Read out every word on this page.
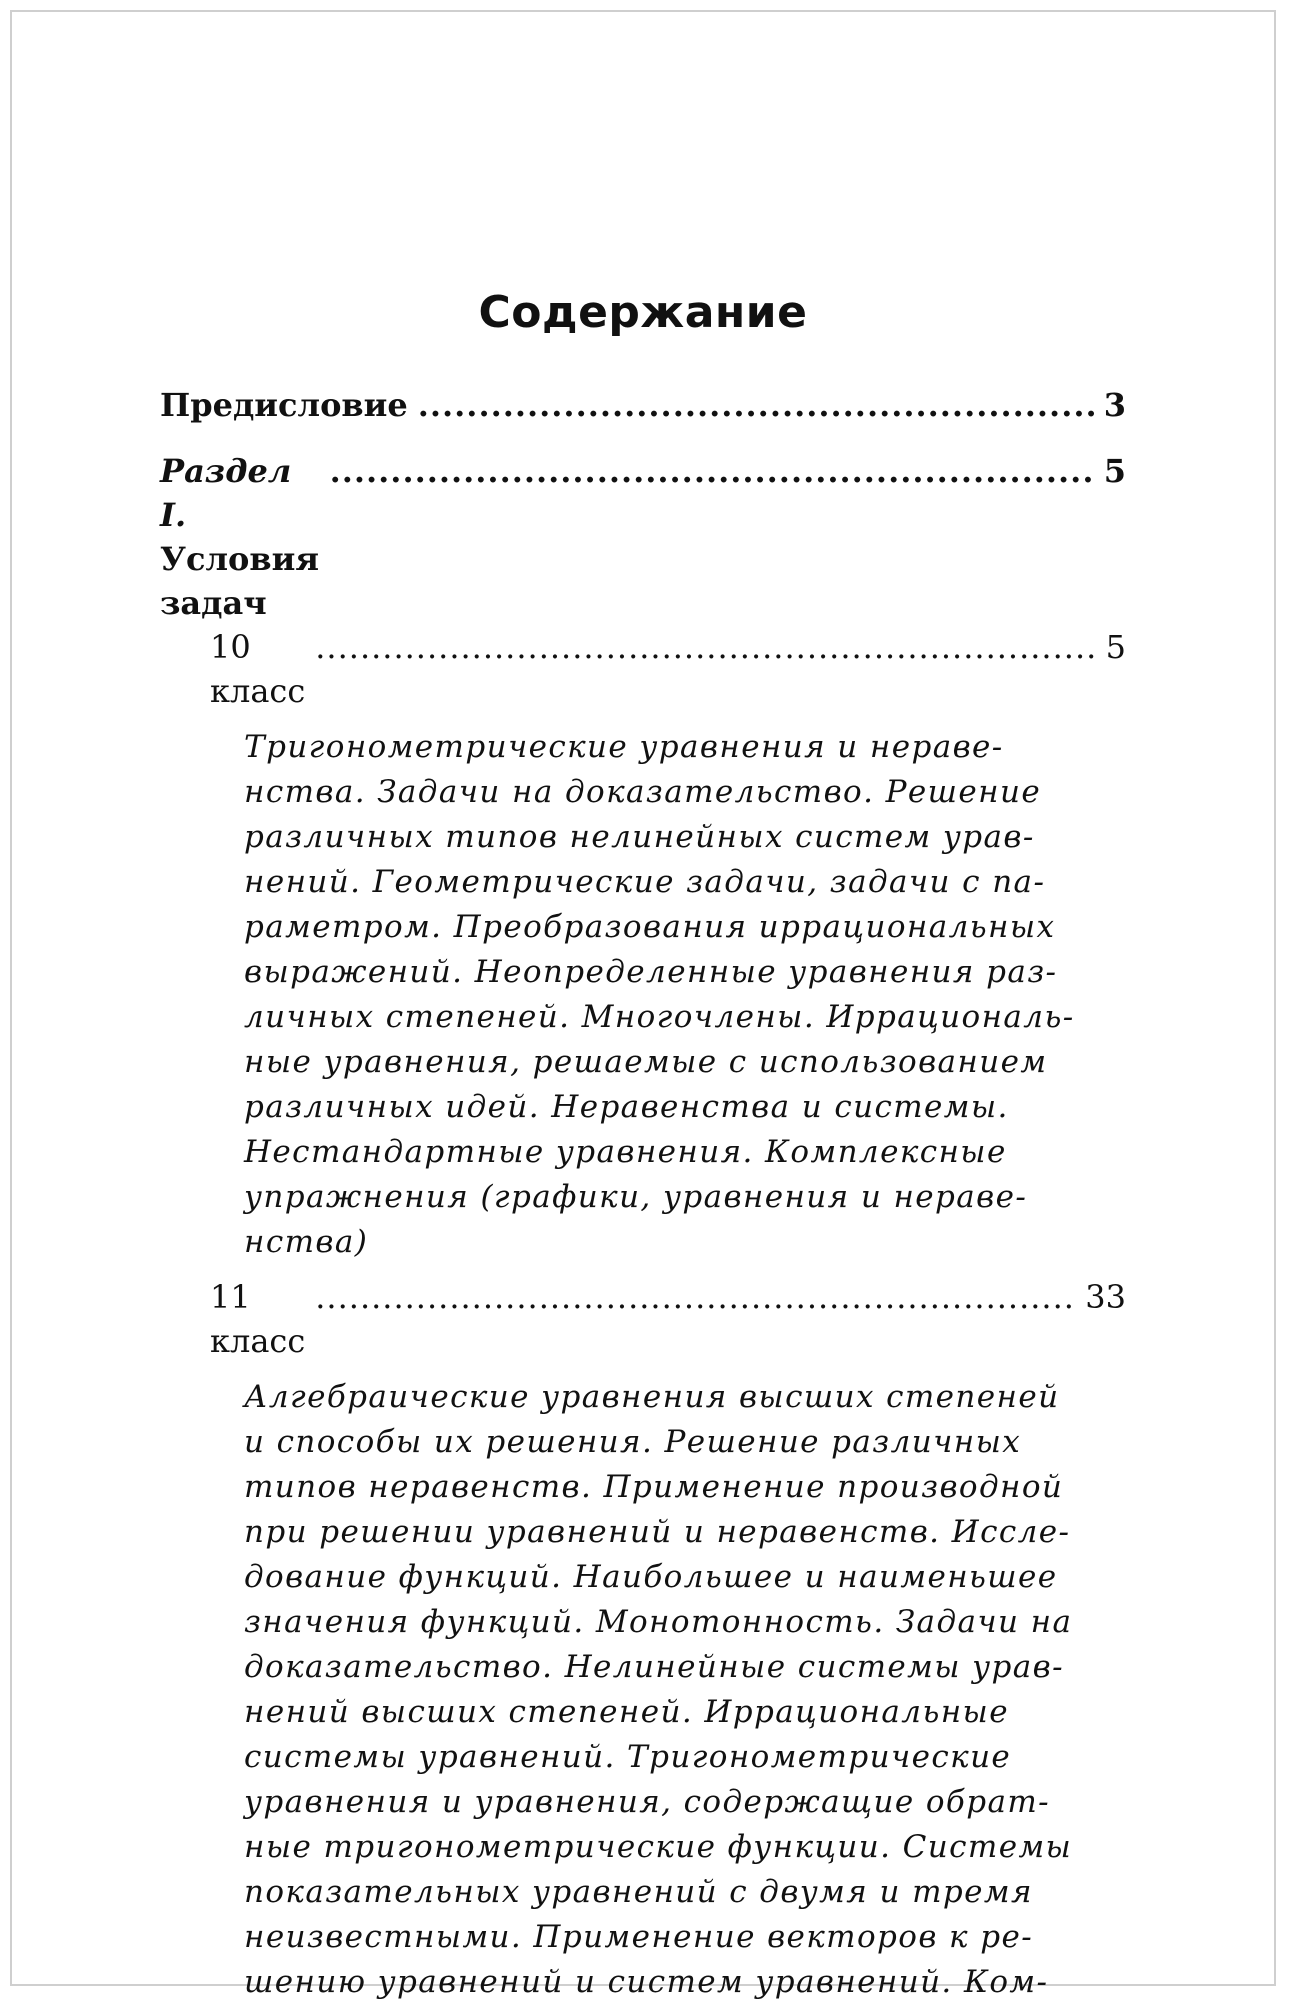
Содержание
Предисловие
.....	3
Раздел I. Условия задач
.....
5
10 класс
.....
5
Тригонометрические уравнения и нераве-
нства. Задачи на доказательство. Решение
различных типов нелинейных систем урав-
нений. Геометрические задачи, задачи с па-
раметром. Преобразования иррациональных
выражений. Неопределенные уравнения раз-
личных степеней. Многочлены. Иррациональ-
ные уравнения, решаемые с использованием
различных идей. Неравенства и системы.
Нестандартные уравнения. Комплексные
упражнения (графики, уравнения и нераве-
нства)
11 класс
.....
33
Алгебраические уравнения высших степеней
и способы их решения. Решение различных
типов неравенств. Применение производной
при решении уравнений и неравенств. Иссле-
дование функций. Наибольшее и наименьшее
значения функций. Монотонность. Задачи на
доказательство. Нелинейные системы урав-
нений высших степеней. Иррациональные
системы уравнений. Тригонометрические
уравнения и уравнения, содержащие обрат-
ные тригонометрические функции. Системы
показательных уравнений с двумя и тремя
неизвестными. Применение векторов к ре-
шению уравнений и систем уравнений. Ком-
